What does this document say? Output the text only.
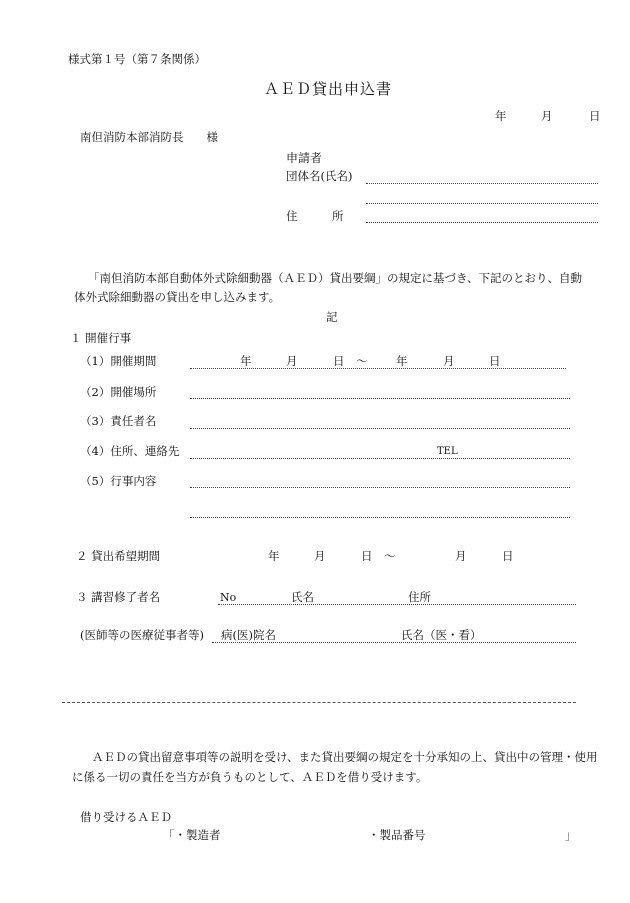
様式第１号（第７条関係）
ＡＥＤ貸出申込書
年	月	日
南但消防本部消防長　　様
申請者
団体名(氏名)
住　　　所
「南但消防本部自動体外式除細動器（ＡＥＤ）貸出要綱」の規定に基づき、下記のとおり、自動
体外式除細動器の貸出を申し込みます。
記
１ 開催行事
（1）開催期間	年	月	日　～ 年	月	日
（2）開催場所
（3）責任者名
（4）住所、連絡先	TEL
（5）行事内容
２ 貸出希望期間	年	月	日　～	月	日
３ 講習修了者名	No	氏名	住所
(医師等の医療従事者等) 病(医)院名	氏名（医・看）
ＡＥＤの貸出留意事項等の説明を受け、また貸出要綱の規定を十分承知の上、貸出中の管理・使用
に係る一切の責任を当方が負うものとして、ＡＥＤを借り受けます。
借り受けるＡＥＤ
「・製造者	・製品番号	」
